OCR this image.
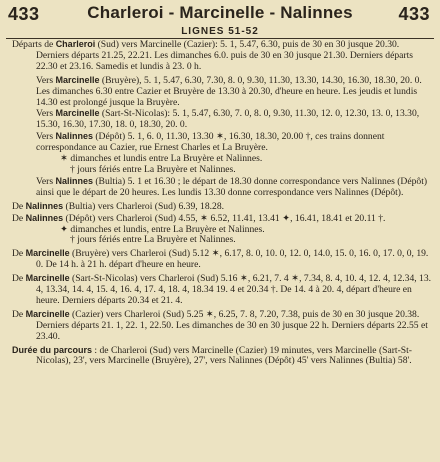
433	Charleroi - Marcinelle - Nalinnes	433
LIGNES 51-52

Départs de Charleroi (Sud) vers Marcinelle (Cazier): 5. 1, 5.47, 6.30, puis de 30 en 30 jusque 20.30. Derniers départs 21.25, 22.21. Les dimanches 6.0. puis de 30 en 30 jusque 21.30. Derniers départs 22.30 et 23.16. Samedis et lundis à 23. 0 h.

Vers Marcinelle (Bruyère), 5. 1, 5.47, 6.30, 7.30, 8. 0, 9.30, 11.30, 13.30, 14.30, 16.30, 18.30, 20. 0. Les dimanches 6.30 entre Cazier et Bruyère de 13.30 à 20.30, d'heure en heure. Les jeudis et lundis 14.30 est prolongé jusque la Bruyère.

Vers Marcinelle (Sart-St-Nicolas): 5. 1, 5.47, 6.30, 7. 0, 8. 0, 9.30, 11.30, 12. 0, 12.30, 13. 0, 13.30, 15.30, 16.30, 17.30, 18. 0, 18.30, 20. 0.

Vers Nalinnes (Dépôt) 5. 1, 6. 0, 11.30, 13.30 ✶, 16.30, 18.30, 20.00 †, ces trains donnent correspondance au Cazier, rue Ernest Charles et La Bruyère.

✶ dimanches et lundis entre La Bruyère et Nalinnes.

† jours fériés entre La Bruyère et Nalinnes.

Vers Nalinnes (Bultia) 5. 1 et 16.30 ; le départ de 18.30 donne correspondance vers Nalinnes (Dépôt) ainsi que le départ de 20 heures. Les lundis 13.30 donne correspondance vers Nalinnes (Dépôt).

De Nalinnes (Bultia) vers Charleroi (Sud) 6.39, 18.28.

De Nalinnes (Dépôt) vers Charleroi (Sud) 4.55, ✶ 6.52, 11.41, 13.41 ✦, 16.41, 18.41 et 20.11 †.

✦ dimanches et lundis, entre La Bruyère et Nalinnes.

† jours fériés entre La Bruyère et Nalinnes.

De Marcinelle (Bruyère) vers Charleroi (Sud) 5.12 ✶, 6.17, 8. 0, 10. 0, 12. 0, 14.0, 15. 0, 16. 0, 17. 0, 0, 19. 0. De 14 h. à 21 h. départ d'heure en heure.

De Marcinelle (Sart-St-Nicolas) vers Charleroi (Sud) 5.16 ✶, 6.21, 7. 4 ✶, 7.34, 8. 4, 10. 4, 12. 4, 12.34, 13. 4, 13.34, 14. 4, 15. 4, 16. 4, 17. 4, 18. 4, 18.34 19. 4 et 20.34 †. De 14. 4 à 20. 4, départ d'heure en heure. Derniers départs 20.34 et 21. 4.

De Marcinelle (Cazier) vers Charleroi (Sud) 5.25 ✶, 6.25, 7. 8, 7.20, 7.38, puis de 30 en 30 jusque 20.38. Derniers départs 21. 1, 22. 1, 22.50. Les dimanches de 30 en 30 jusque 22 h. Derniers départs 22.55 et 23.40.

Durée du parcours : de Charleroi (Sud) vers Marcinelle (Cazier) 19 minutes, vers Marcinelle (Sart-St-Nicolas), 23', vers Marcinelle (Bruyère), 27', vers Nalinnes (Dépôt) 45' vers Nalinnes (Bultia) 58'.
